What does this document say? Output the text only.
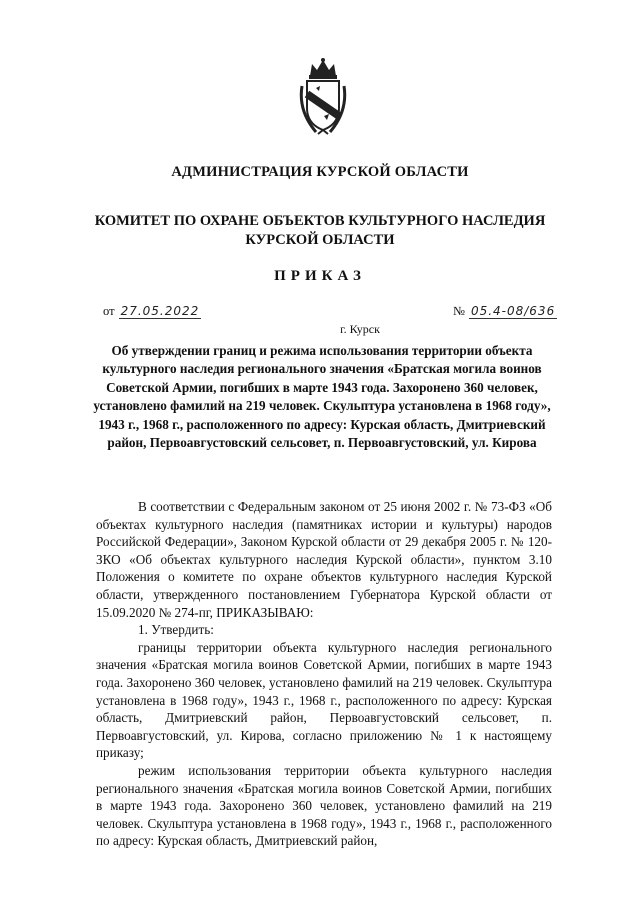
АДМИНИСТРАЦИЯ КУРСКОЙ ОБЛАСТИ
КОМИТЕТ ПО ОХРАНЕ ОБЪЕКТОВ КУЛЬТУРНОГО НАСЛЕДИЯ
КУРСКОЙ ОБЛАСТИ
ПРИКАЗ
от 27.05.2022	№ 05.4-08/636
г. Курск
Об утверждении границ и режима использования территории объекта культурного наследия регионального значения «Братская могила воинов Советской Армии, погибших в марте 1943 года. Захоронено 360 человек, установлено фамилий на 219 человек. Скульптура установлена в 1968 году», 1943 г., 1968 г., расположенного по адресу: Курская область, Дмитриевский район, Первоавгустовский сельсовет, п. Первоавгустовский, ул. Кирова

В соответствии с Федеральным законом от 25 июня 2002 г. № 73-ФЗ «Об объектах культурного наследия (памятниках истории и культуры) народов Российской Федерации», Законом Курской области от 29 декабря 2005 г. № 120-ЗКО «Об объектах культурного наследия Курской области», пунктом 3.10 Положения о комитете по охране объектов культурного наследия Курской области, утвержденного постановлением Губернатора Курской области от 15.09.2020 № 274-пг, ПРИКАЗЫВАЮ:

1. Утвердить:

границы территории объекта культурного наследия регионального значения «Братская могила воинов Советской Армии, погибших в марте 1943 года. Захоронено 360 человек, установлено фамилий на 219 человек. Скульптура установлена в 1968 году», 1943 г., 1968 г., расположенного по адресу: Курская область, Дмитриевский район, Первоавгустовский сельсовет, п. Первоавгустовский, ул. Кирова, согласно приложению № 1 к настоящему приказу;

режим использования территории объекта культурного наследия регионального значения «Братская могила воинов Советской Армии, погибших в марте 1943 года. Захоронено 360 человек, установлено фамилий на 219 человек. Скульптура установлена в 1968 году», 1943 г., 1968 г., расположенного по адресу: Курская область, Дмитриевский район,
